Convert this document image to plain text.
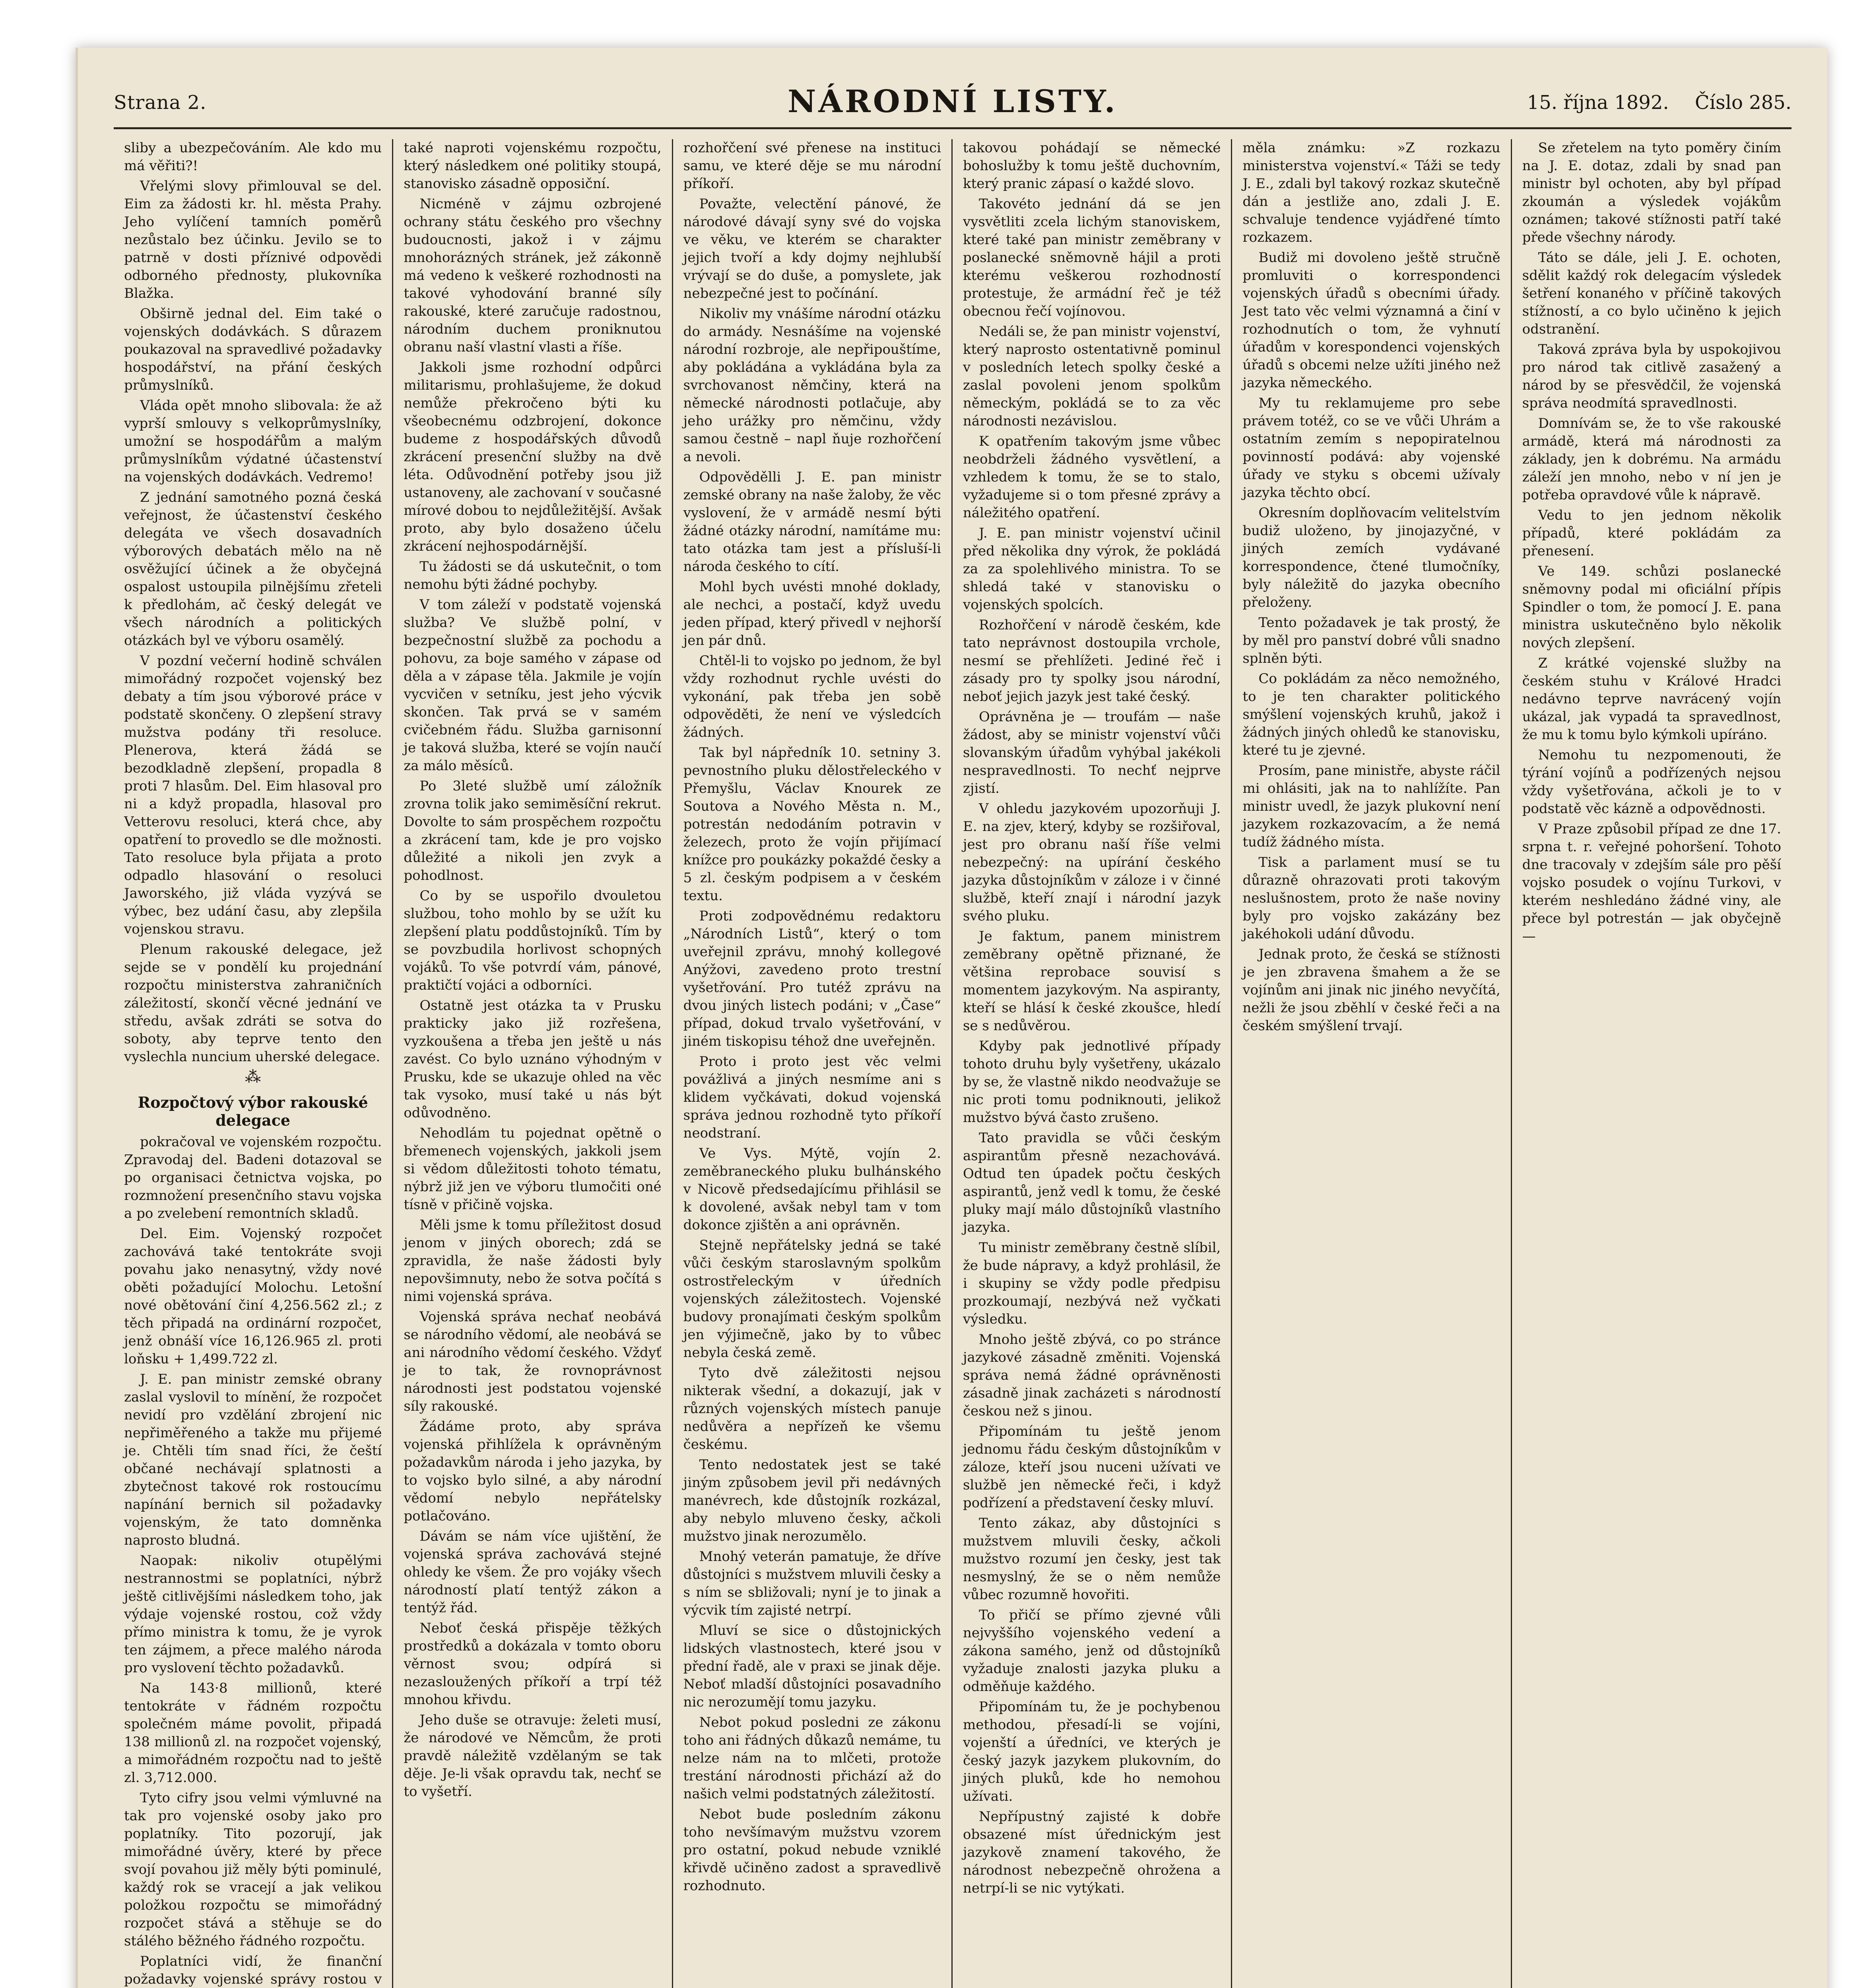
Strana 2.	NÁRODNÍ LISTY.	15. října 1892. Číslo 285.

sliby a ubezpečováním. Ale kdo mu má věřiti?!

Vřelými slovy přimlouval se del. Eim za žádosti kr. hl. města Prahy. Jeho vylíčení tamních poměrů nezůstalo bez účinku. Jevilo se to patrně v dosti příznivé odpovědi odborného přednosty, plukovníka Blažka.

Obširně jednal del. Eim také o vojenských dodávkách. S důrazem poukazoval na spravedlivé požadavky hospodářství, na přání českých průmyslníků.

Vláda opět mnoho slibovala: že až vyprší smlouvy s velkoprůmyslníky, umožní se hospodářům a malým průmyslníkům výdatné účastenství na vojenských dodávkách. Vedremo!

Z jednání samotného pozná česká veřejnost, že účastenství českého delegáta ve všech dosavadních výborových debatách mělo na ně osvěžující účinek a že obyčejná ospalost ustoupila pilnějšímu zřeteli k předlohám, ač český delegát ve všech národních a politických otázkách byl ve výboru osamělý.

V pozdní večerní hodině schválen mimořádný rozpočet vojenský bez debaty a tím jsou výborové práce v podstatě skončeny. O zlepšení stravy mužstva podány tři resoluce. Plenerova, která žádá se bezodkladně zlepšení, propadla 8 proti 7 hlasům. Del. Eim hlasoval pro ni a když propadla, hlasoval pro Vetterovu resoluci, která chce, aby opatření to provedlo se dle možnosti. Tato resoluce byla přijata a proto odpadlo hlasování o resoluci Jaworského, již vláda vyzývá se výbec, bez udání času, aby zlepšila vojenskou stravu.

Plenum rakouské delegace, jež sejde se v pondělí ku projednání rozpočtu ministerstva zahraničních záležitostí, skončí věcné jednání ve středu, avšak zdráti se sotva do soboty, aby teprve tento den vyslechla nuncium uherské delegace.

⁂

Rozpočtový výbor rakouské delegace

pokračoval ve vojenském rozpočtu. Zpravodaj del. Badeni dotazoval se po organisaci četnictva vojska, po rozmnožení presenčního stavu vojska a po zvelebení remontních skladů.

Del. Eim. Vojenský rozpočet zachovává také tentokráte svoji povahu jako nenasytný, vždy nové oběti požadující Molochu. Letošní nové obětování činí 4,256.562 zl.; z těch připadá na ordinární rozpočet, jenž obnáší více 16,126.965 zl. proti loňsku + 1,499.722 zl.

J. E. pan ministr zemské obrany zaslal vyslovil to mínění, že rozpočet nevidí pro vzdělání zbrojení nic nepřiměřeného a takže mu přijemé je. Chtěli tím snad říci, že čeští občané nechávají splatnosti a zbytečnost takové rok rostoucímu napínání bernich sil požadavky vojenským, že tato domněnka naprosto bludná.

Naopak: nikoliv otupělými nestrannostmi se poplatníci, nýbrž ještě citlivějšími následkem toho, jak výdaje vojenské rostou, což vždy přímo ministra k tomu, že je vyrok ten zájmem, a přece malého národa pro vyslovení těchto požadavků.

Na 143·8 millionů, které tentokráte v řádném rozpočtu společném máme povolit, připadá 138 millionů zl. na rozpočet vojenský, a mimořádném rozpočtu nad to ještě zl. 3,712.000.

Tyto cifry jsou velmi výmluvné na tak pro vojenské osoby jako pro poplatníky. Tito pozorují, jak mimořádné úvěry, které by přece svojí povahou již měly býti pominulé, každý rok se vracejí a jak velikou položkou rozpočtu se mimořádný rozpočet stává a stěhuje se do stálého běžného řádného rozpočtu.

Poplatníci vidí, že finanční požadavky vojenské správy rostou v

také naproti vojenskému rozpočtu, který následkem oné politiky stoupá, stanovisko zásadně opposiční.

Nicméně v zájmu ozbrojené ochrany státu českého pro všechny budoucnosti, jakož i v zájmu mnohorázných stránek, jež zákonně má vedeno k veškeré rozhodnosti na takové vyhodování branné síly rakouské, které zaručuje radostnou, národním duchem proniknutou obranu naší vlastní vlasti a říše.

Jakkoli jsme rozhodní odpůrci militarismu, prohlašujeme, že dokud nemůže překročeno býti ku všeobecnému odzbrojení, dokonce budeme z hospodářských důvodů zkrácení presenční služby na dvě léta. Odůvodnění potřeby jsou již ustanoveny, ale zachovaní v současné mírové dobou to nejdůležitější. Avšak proto, aby bylo dosaženo účelu zkrácení nejhospodárnější.

Tu žádosti se dá uskutečnit, o tom nemohu býti žádné pochyby.

V tom záleží v podstatě vojenská služba? Ve službě polní, v bezpečnostní službě za pochodu a pohovu, za boje samého v zápase od děla a v zápase těla. Jakmile je vojín vycvičen v setníku, jest jeho výcvik skončen. Tak prvá se v samém cvičebném řádu. Služba garnisonní je taková služba, které se vojín naučí za málo měsíců.

Po 3leté službě umí záložník zrovna tolik jako semiměsíční rekrut. Dovolte to sám prospěchem rozpočtu a zkrácení tam, kde je pro vojsko důležité a nikoli jen zvyk a pohodlnost.

Co by se uspořilo dvouletou službou, toho mohlo by se užít ku zlepšení platu poddůstojníků. Tím by se povzbudila horlivost schopných vojáků. To vše potvrdí vám, pánové, praktičtí vojáci a odborníci.

Ostatně jest otázka ta v Prusku prakticky jako již rozřešena, vyzkoušena a třeba jen ještě u nás zavést. Co bylo uznáno výhodným v Prusku, kde se ukazuje ohled na věc tak vysoko, musí také u nás být odůvodněno.

Nehodlám tu pojednat opětně o břemenech vojenských, jakkoli jsem si vědom důležitosti tohoto tématu, nýbrž již jen ve výboru tlumočiti oné tísně v přičině vojska.

Měli jsme k tomu příležitost dosud jenom v jiných oborech; zdá se zpravidla, že naše žádosti byly nepovšimnuty, nebo že sotva počítá s nimi vojenská správa.

Vojenská správa nechať neobává se národního vědomí, ale neobává se ani národního vědomí českého. Vždyť je to tak, že rovnoprávnost národnosti jest podstatou vojenské síly rakouské.

Žádáme proto, aby správa vojenská přihlížela k oprávněným požadavkům národa i jeho jazyka, by to vojsko bylo silné, a aby národní vědomí nebylo nepřátelsky potlačováno.

Dávám se nám více ujištění, že vojenská správa zachovává stejné ohledy ke všem. Že pro vojáky všech národností platí tentýž zákon a tentýž řád.

Neboť česká přispěje těžkých prostředků a dokázala v tomto oboru věrnost svou; odpírá si nezasloužených příkoří a trpí též mnohou křivdu.

Jeho duše se otravuje: želeti musí, že národové ve Němcům, že proti pravdě náležitě vzdělaným se tak děje. Je-li však opravdu tak, nechť se to vyšetří.

rozhořčení své přenese na instituci samu, ve které děje se mu národní příkoří.

Považte, velectění pánové, že národové dávají syny své do vojska ve věku, ve kterém se charakter jejich tvoří a kdy dojmy nejhlubší vrývají se do duše, a pomyslete, jak nebezpečné jest to počínání.

Nikoliv my vnášíme národní otázku do armády. Nesnášíme na vojenské národní rozbroje, ale nepřipouštíme, aby pokládána a vykládána byla za svrchovanost němčiny, která na německé národnosti potlačuje, aby jeho urážky pro němčinu, vždy samou čestně – napl ňuje rozhořčení a nevoli.

Odpovědělli J. E. pan ministr zemské obrany na naše žaloby, že věc vyslovení, že v armádě nesmí býti žádné otázky národní, namítáme mu: tato otázka tam jest a přísluší-li národa českého to cítí.

Mohl bych uvésti mnohé doklady, ale nechci, a postačí, když uvedu jeden případ, který přivedl v nejhorší jen pár dnů.

Chtěl-li to vojsko po jednom, že byl vždy rozhodnut rychle uvésti do vykonání, pak třeba jen sobě odpověděti, že není ve výsledcích žádných.

Tak byl nápředník 10. setniny 3. pevnostního pluku dělostřeleckého v Přemyšlu, Václav Knourek ze Soutova a Nového Města n. M., potrestán nedodáním potravin v železech, proto že vojín přijímací knížce pro poukázky pokaždé česky a 5 zl. českým podpisem a v českém textu.

Proti zodpovědnému redaktoru „Národních Listů“, který o tom uveřejnil zprávu, mnohý kollegové Anýžovi, zavedeno proto trestní vyšetřování. Pro tutéž zprávu na dvou jiných listech podáni; v „Čase“ případ, dokud trvalo vyšetřování, v jiném tiskopisu téhož dne uveřejněn.

Proto i proto jest věc velmi povážlivá a jiných nesmíme ani s klidem vyčkávati, dokud vojenská správa jednou rozhodně tyto příkoří neodstraní.

Ve Vys. Mýtě, vojín 2. zeměbraneckého pluku bulhánského v Nicově předsedajícímu přihlásil se k dovolené, avšak nebyl tam v tom dokonce zjištěn a ani oprávněn.

Stejně nepřátelsky jedná se také vůči českým staroslavným spolkům ostrostřeleckým v úředních vojenských záležitostech. Vojenské budovy pronajímati českým spolkům jen výjimečně, jako by to vůbec nebyla česká země.

Tyto dvě záležitosti nejsou nikterak všední, a dokazují, jak v různých vojenských místech panuje nedůvěra a nepřízeň ke všemu českému.

Tento nedostatek jest se také jiným způsobem jevil při nedávných manévrech, kde důstojník rozkázal, aby nebylo mluveno česky, ačkoli mužstvo jinak nerozumělo.

Mnohý veterán pamatuje, že dříve důstojníci s mužstvem mluvili česky a s ním se sbližovali; nyní je to jinak a výcvik tím zajisté netrpí.

Mluví se sice o důstojnických lidských vlastnostech, které jsou v přední řadě, ale v praxi se jinak děje. Neboť mladší důstojníci posavadního nic nerozumějí tomu jazyku.

Nebot pokud posledni ze zákonu toho ani řádných důkazů nemáme, tu nelze nám na to mlčeti, protože trestání národnosti přichází až do našich velmi podstatných záležitostí.

Nebot bude posledním zákonu toho nevšímavým mužstvu vzorem pro ostatní, pokud nebude vzniklé křivdě učiněno zadost a spravedlivě rozhodnuto.

takovou pohádají se německé bohoslužby k tomu ještě duchovním, který pranic zápasí o každé slovo.

Takovéto jednání dá se jen vysvětliti zcela lichým stanoviskem, které také pan ministr zeměbrany v poslanecké sněmovně hájil a proti kterému veškerou rozhodností protestuje, že armádní řeč je též obecnou řečí vojínovou.

Nedáli se, že pan ministr vojenství, který naprosto ostentativně pominul v posledních letech spolky české a zaslal povoleni jenom spolkům německým, pokládá se to za věc národnosti nezávislou.

K opatřením takovým jsme vůbec neobdrželi žádného vysvětlení, a vzhledem k tomu, že se to stalo, vyžadujeme si o tom přesné zprávy a náležitého opatření.

J. E. pan ministr vojenství učinil před několika dny výrok, že pokládá za za spolehlivého ministra. To se shledá také v stanovisku o vojenských spolcích.

Rozhořčení v národě českém, kde tato neprávnost dostoupila vrchole, nesmí se přehlížeti. Jediné řeč i zásady pro ty spolky jsou národní, neboť jejich jazyk jest také český.

Oprávněna je — troufám — naše žádost, aby se ministr vojenství vůči slovanským úřadům vyhýbal jakékoli nespravedlnosti. To nechť nejprve zjistí.

V ohledu jazykovém upozorňuji J. E. na zjev, který, kdyby se rozšiřoval, jest pro obranu naší říše velmi nebezpečný: na upírání českého jazyka důstojníkům v záloze i v činné službě, kteří znají i národní jazyk svého pluku.

Je faktum, panem ministrem zeměbrany opětně přiznané, že většina reprobace souvisí s momentem jazykovým. Na aspiranty, kteří se hlásí k české zkoušce, hledí se s nedůvěrou.

Kdyby pak jednotlivé případy tohoto druhu byly vyšetřeny, ukázalo by se, že vlastně nikdo neodvažuje se nic proti tomu podniknouti, jelikož mužstvo bývá často zrušeno.

Tato pravidla se vůči českým aspirantům přesně nezachovává. Odtud ten úpadek počtu českých aspirantů, jenž vedl k tomu, že české pluky mají málo důstojníků vlastního jazyka.

Tu ministr zeměbrany čestně slíbil, že bude nápravy, a když prohlásil, že i skupiny se vždy podle předpisu prozkoumají, nezbývá než vyčkati výsledku.

Mnoho ještě zbývá, co po stránce jazykové zásadně změniti. Vojenská správa nemá žádné oprávněnosti zásadně jinak zacházeti s národností českou než s jinou.

Připomínám tu ještě jenom jednomu řádu českým důstojníkům v záloze, kteří jsou nuceni užívati ve službě jen německé řeči, i když podřízení a představení česky mluví.

Tento zákaz, aby důstojníci s mužstvem mluvili česky, ačkoli mužstvo rozumí jen česky, jest tak nesmyslný, že se o něm nemůže vůbec rozumně hovořiti.

To přičí se přímo zjevné vůli nejvyššího vojenského vedení a zákona samého, jenž od důstojníků vyžaduje znalosti jazyka pluku a odměňuje každého.

Připomínám tu, že je pochybenou methodou, přesadí-li se vojíni, vojenští a úředníci, ve kterých je český jazyk jazykem plukovním, do jiných pluků, kde ho nemohou užívati.

Nepřípustný zajisté k dobře obsazené míst úřednickým jest jazykově znamení takového, že národnost nebezpečně ohrožena a netrpí-li se nic vytýkati.

měla známku: »Z rozkazu ministerstva vojenství.« Táži se tedy J. E., zdali byl takový rozkaz skutečně dán a jestliže ano, zdali J. E. schvaluje tendence vyjádřené tímto rozkazem.

Budiž mi dovoleno ještě stručně promluviti o korrespondenci vojenských úřadů s obecními úřady. Jest tato věc velmi významná a činí v rozhodnutích o tom, že vyhnutí úřadům v korespondenci vojenských úřadů s obcemi nelze užíti jiného než jazyka německého.

My tu reklamujeme pro sebe právem totéž, co se ve vůči Uhrám a ostatním zemím s nepopiratelnou povinností podává: aby vojenské úřady ve styku s obcemi užívaly jazyka těchto obcí.

Okresním doplňovacím velitelstvím budiž uloženo, by jinojazyčné, v jiných zemích vydávané korrespondence, čtené tlumočníky, byly náležitě do jazyka obecního přeloženy.

Tento požadavek je tak prostý, že by měl pro panství dobré vůli snadno splněn býti.

Co pokládám za něco nemožného, to je ten charakter politického smýšlení vojenských kruhů, jakož i žádných jiných ohledů ke stanovisku, které tu je zjevné.

Prosím, pane ministře, abyste ráčil mi ohlásiti, jak na to nahlížíte. Pan ministr uvedl, že jazyk plukovní není jazykem rozkazovacím, a že nemá tudíž žádného místa.

Tisk a parlament musí se tu důrazně ohrazovati proti takovým neslušnostem, proto že naše noviny byly pro vojsko zakázány bez jakéhokoli udání důvodu.

Jednak proto, že česká se stížnosti je jen zbravena šmahem a že se vojínům ani jinak nic jiného nevyčítá, nežli že jsou zběhlí v české řeči a na českém smýšlení trvají.

Se zřetelem na tyto poměry činím na J. E. dotaz, zdali by snad pan ministr byl ochoten, aby byl případ zkoumán a výsledek vojákům oznámen; takové stížnosti patří také přede všechny národy.

Táto se dále, jeli J. E. ochoten, sdělit každý rok delegacím výsledek šetření konaného v příčině takových stížností, a co bylo učiněno k jejich odstranění.

Taková zpráva byla by uspokojivou pro národ tak citlivě zasažený a národ by se přesvědčil, že vojenská správa neodmítá spravedlnosti.

Domnívám se, že to vše rakouské armádě, která má národnosti za základy, jen k dobrému. Na armádu záleží jen mnoho, nebo v ní jen je potřeba opravdové vůle k nápravě.

Vedu to jen jednom několik případů, které pokládám za přenesení.

Ve 149. schůzi poslanecké sněmovny podal mi oficiální přípis Spindler o tom, že pomocí J. E. pana ministra uskutečněno bylo několik nových zlepšení.

Z krátké vojenské služby na českém stuhu v Králové Hradci nedávno teprve navrácený vojín ukázal, jak vypadá ta spravedlnost, že mu k tomu bylo kýmkoli upíráno.

Nemohu tu nezpomenouti, že týrání vojínů a podřízených nejsou vždy vyšetřována, ačkoli je to v podstatě věc kázně a odpovědnosti.

V Praze způsobil případ ze dne 17. srpna t. r. veřejné pohoršení. Tohoto dne tracovaly v zdejším sále pro pěší vojsko posudek o vojínu Turkovi, v kterém neshledáno žádné viny, ale přece byl potrestán — jak obyčejně —
